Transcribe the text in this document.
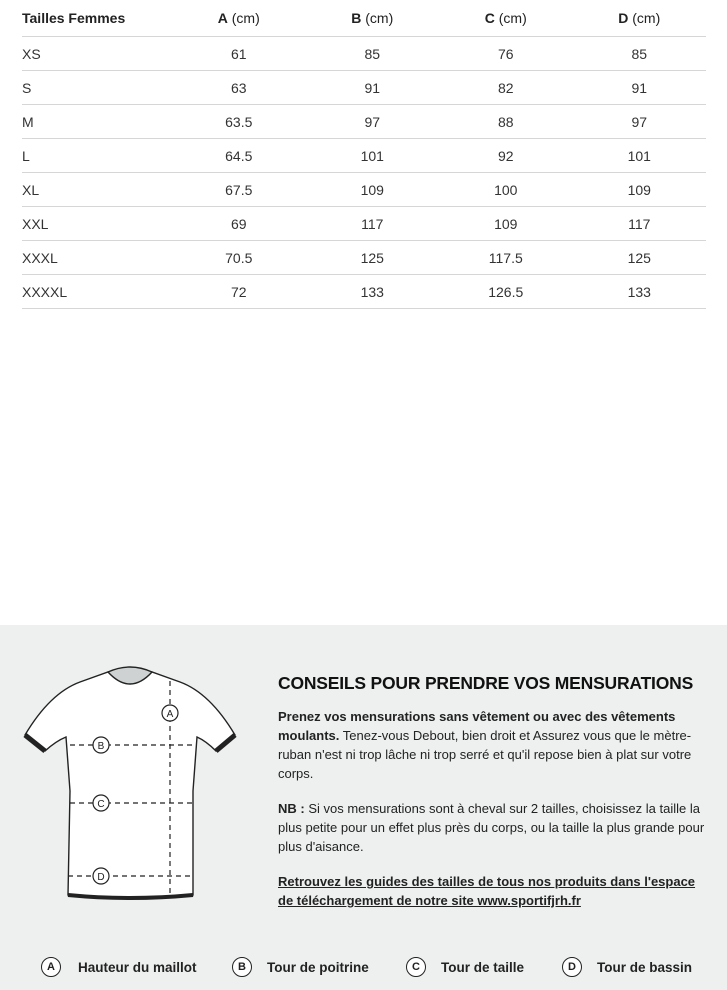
Tailles Femmes	A (cm)	B (cm)	C (cm)	D (cm)
XS	61	85	76	85
S	63	91	82	91
M	63.5	97	88	97
L	64.5	101	92	101
XL	67.5	109	100	109
XXL	69	117	109	117
XXXL	70.5	125	117.5	125
XXXXL	72	133	126.5	133
A
B
C
D
CONSEILS POUR PRENDRE VOS MENSURATIONS

Prenez vos mensurations sans vêtement ou avec des vêtements moulants. Tenez-vous Debout, bien droit et Assurez vous que le mètre-ruban n'est ni trop lâche ni trop serré et qu'il repose bien à plat sur votre corps.

NB : Si vos mensurations sont à cheval sur 2 tailles, choisissez la taille la plus petite pour un effet plus près du corps, ou la taille la plus grande pour plus d'aisance.

Retrouvez les guides des tailles de tous nos produits dans l'espace de téléchargement de notre site www.sportifjrh.fr
A	Hauteur du maillot	B	Tour de poitrine	C	Tour de taille	D	Tour de bassin
